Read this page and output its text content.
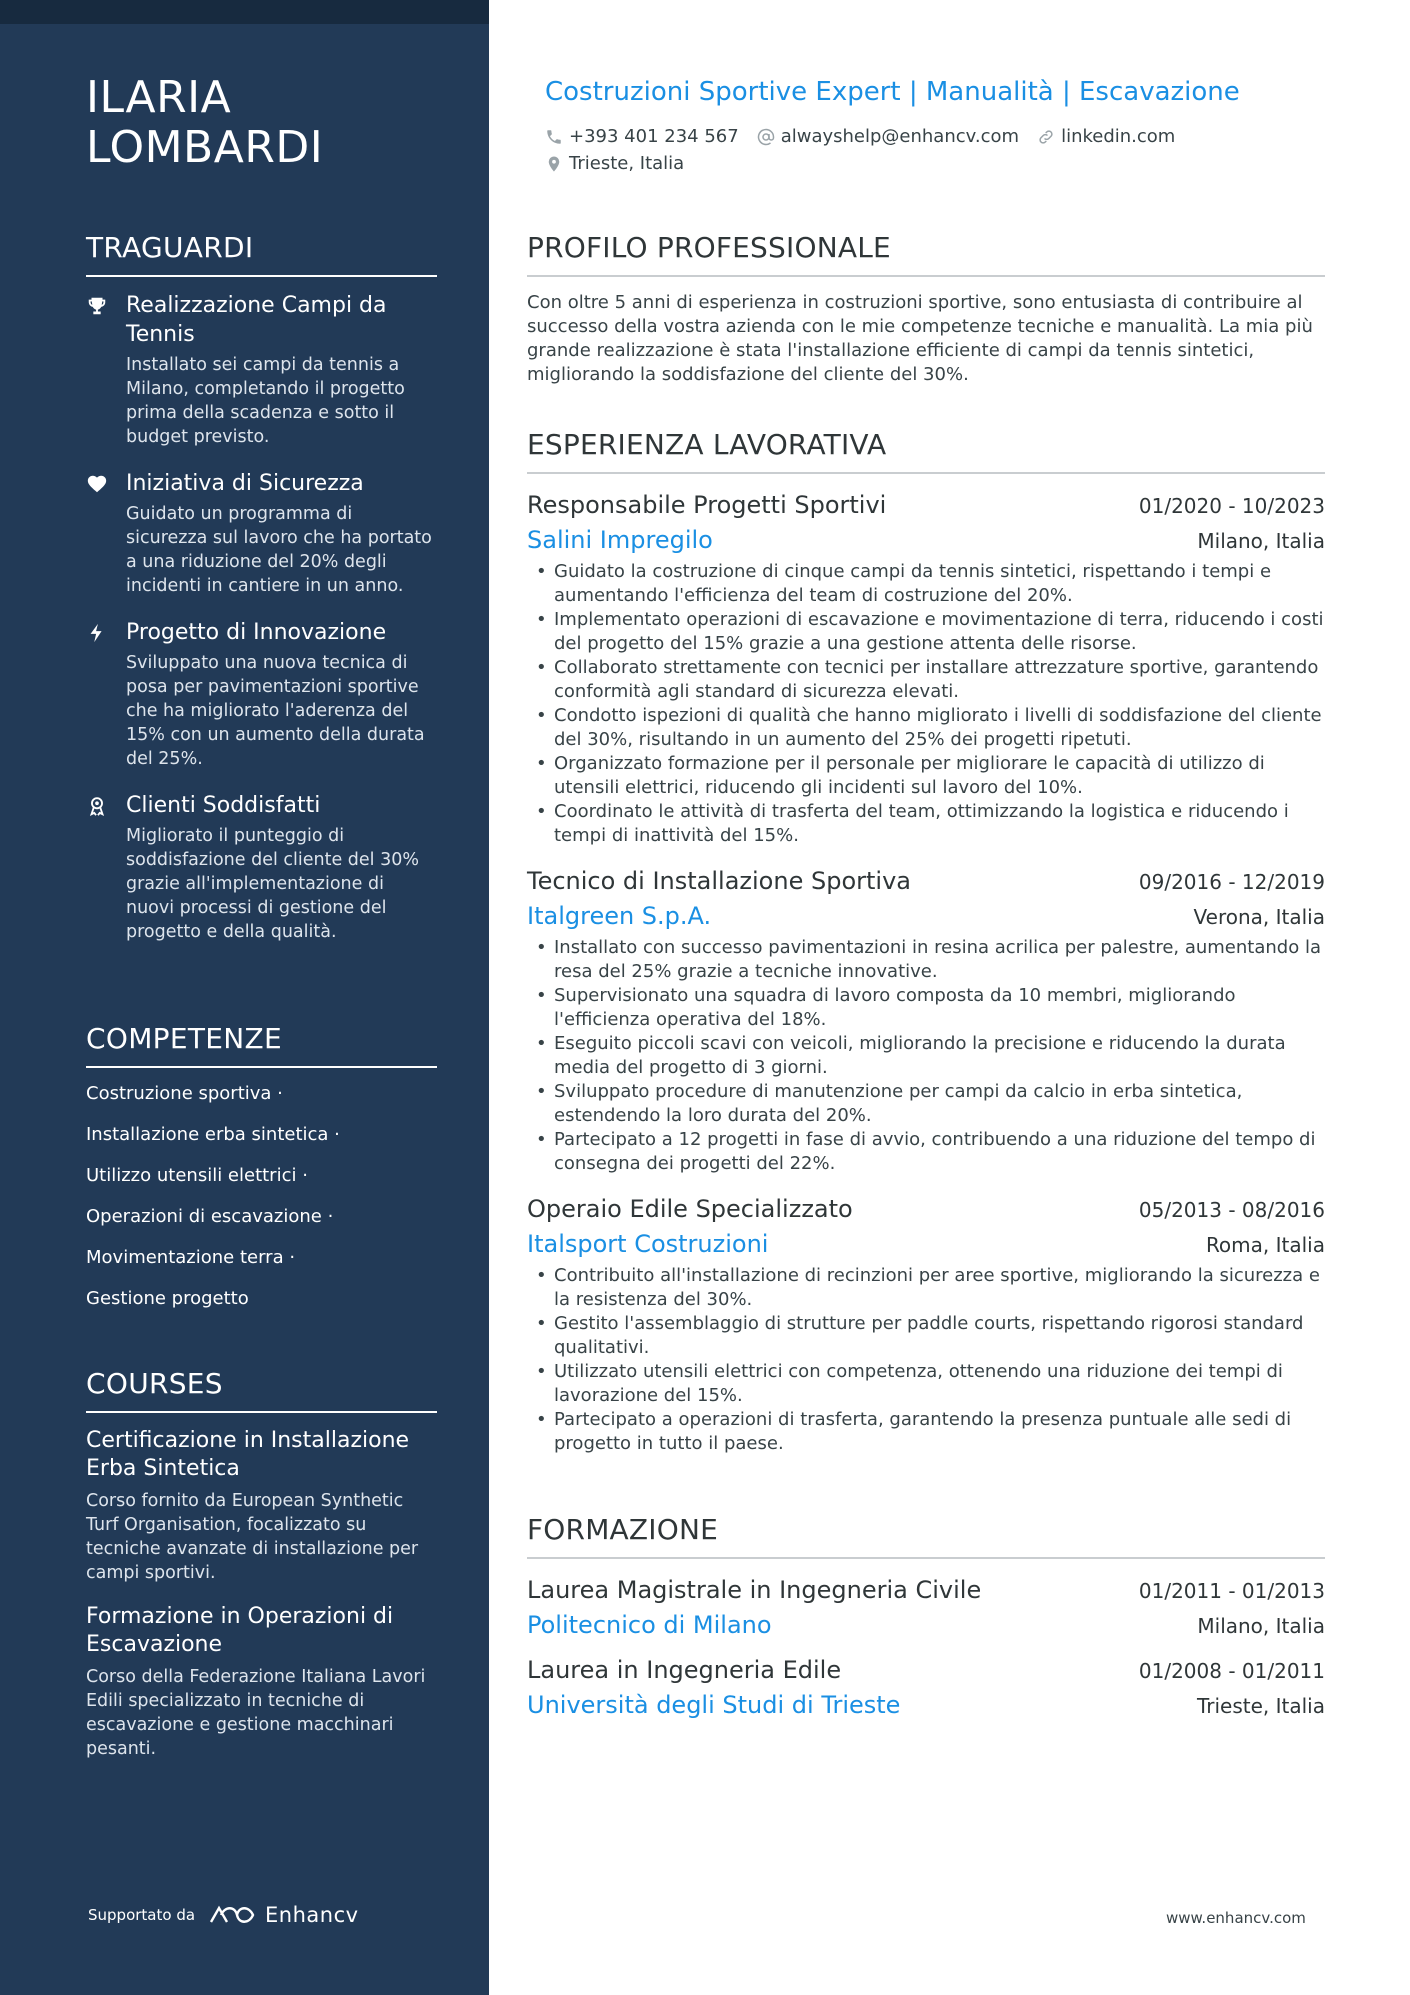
ILARIA
LOMBARDI
TRAGUARDI
Realizzazione Campi da Tennis
Installato sei campi da tennis a Milano, completando il progetto prima della scadenza e sotto il budget previsto.
Iniziativa di Sicurezza
Guidato un programma di sicurezza sul lavoro che ha portato a una riduzione del 20% degli incidenti in cantiere in un anno.
Progetto di Innovazione
Sviluppato una nuova tecnica di posa per pavimentazioni sportive che ha migliorato l'aderenza del 15% con un aumento della durata del 25%.
Clienti Soddisfatti
Migliorato il punteggio di soddisfazione del cliente del 30% grazie all'implementazione di nuovi processi di gestione del progetto e della qualità.
COMPETENZE
Costruzione sportiva ·
Installazione erba sintetica ·
Utilizzo utensili elettrici ·
Operazioni di escavazione ·
Movimentazione terra ·
Gestione progetto
COURSES
Certificazione in Installazione Erba Sintetica
Corso fornito da European Synthetic Turf Organisation, focalizzato su tecniche avanzate di installazione per campi sportivi.
Formazione in Operazioni di Escavazione
Corso della Federazione Italiana Lavori Edili specializzato in tecniche di escavazione e gestione macchinari pesanti.
Supportato da	Enhancv
Costruzioni Sportive Expert | Manualità | Escavazione
+393 401 234 567 alwayshelp@enhancv.com linkedin.com
Trieste, Italia
PROFILO PROFESSIONALE
Con oltre 5 anni di esperienza in costruzioni sportive, sono entusiasta di contribuire al successo della vostra azienda con le mie competenze tecniche e manualità. La mia più grande realizzazione è stata l'installazione efficiente di campi da tennis sintetici, migliorando la soddisfazione del cliente del 30%.
ESPERIENZA LAVORATIVA
Responsabile Progetti Sportivi	01/2020 - 10/2023
Salini Impregilo	Milano, Italia
• Guidato la costruzione di cinque campi da tennis sintetici, rispettando i tempi e aumentando l'efficienza del team di costruzione del 20%.
• Implementato operazioni di escavazione e movimentazione di terra, riducendo i costi del progetto del 15% grazie a una gestione attenta delle risorse.
• Collaborato strettamente con tecnici per installare attrezzature sportive, garantendo conformità agli standard di sicurezza elevati.
• Condotto ispezioni di qualità che hanno migliorato i livelli di soddisfazione del cliente del 30%, risultando in un aumento del 25% dei progetti ripetuti.
• Organizzato formazione per il personale per migliorare le capacità di utilizzo di utensili elettrici, riducendo gli incidenti sul lavoro del 10%.
• Coordinato le attività di trasferta del team, ottimizzando la logistica e riducendo i tempi di inattività del 15%.
Tecnico di Installazione Sportiva	09/2016 - 12/2019
Italgreen S.p.A.	Verona, Italia
• Installato con successo pavimentazioni in resina acrilica per palestre, aumentando la resa del 25% grazie a tecniche innovative.
• Supervisionato una squadra di lavoro composta da 10 membri, migliorando l'efficienza operativa del 18%.
• Eseguito piccoli scavi con veicoli, migliorando la precisione e riducendo la durata media del progetto di 3 giorni.
• Sviluppato procedure di manutenzione per campi da calcio in erba sintetica, estendendo la loro durata del 20%.
• Partecipato a 12 progetti in fase di avvio, contribuendo a una riduzione del tempo di consegna dei progetti del 22%.
Operaio Edile Specializzato	05/2013 - 08/2016
Italsport Costruzioni	Roma, Italia
• Contribuito all'installazione di recinzioni per aree sportive, migliorando la sicurezza e la resistenza del 30%.
• Gestito l'assemblaggio di strutture per paddle courts, rispettando rigorosi standard qualitativi.
• Utilizzato utensili elettrici con competenza, ottenendo una riduzione dei tempi di lavorazione del 15%.
• Partecipato a operazioni di trasferta, garantendo la presenza puntuale alle sedi di progetto in tutto il paese.
FORMAZIONE
Laurea Magistrale in Ingegneria Civile	01/2011 - 01/2013
Politecnico di Milano	Milano, Italia
Laurea in Ingegneria Edile	01/2008 - 01/2011
Università degli Studi di Trieste	Trieste, Italia
www.enhancv.com
